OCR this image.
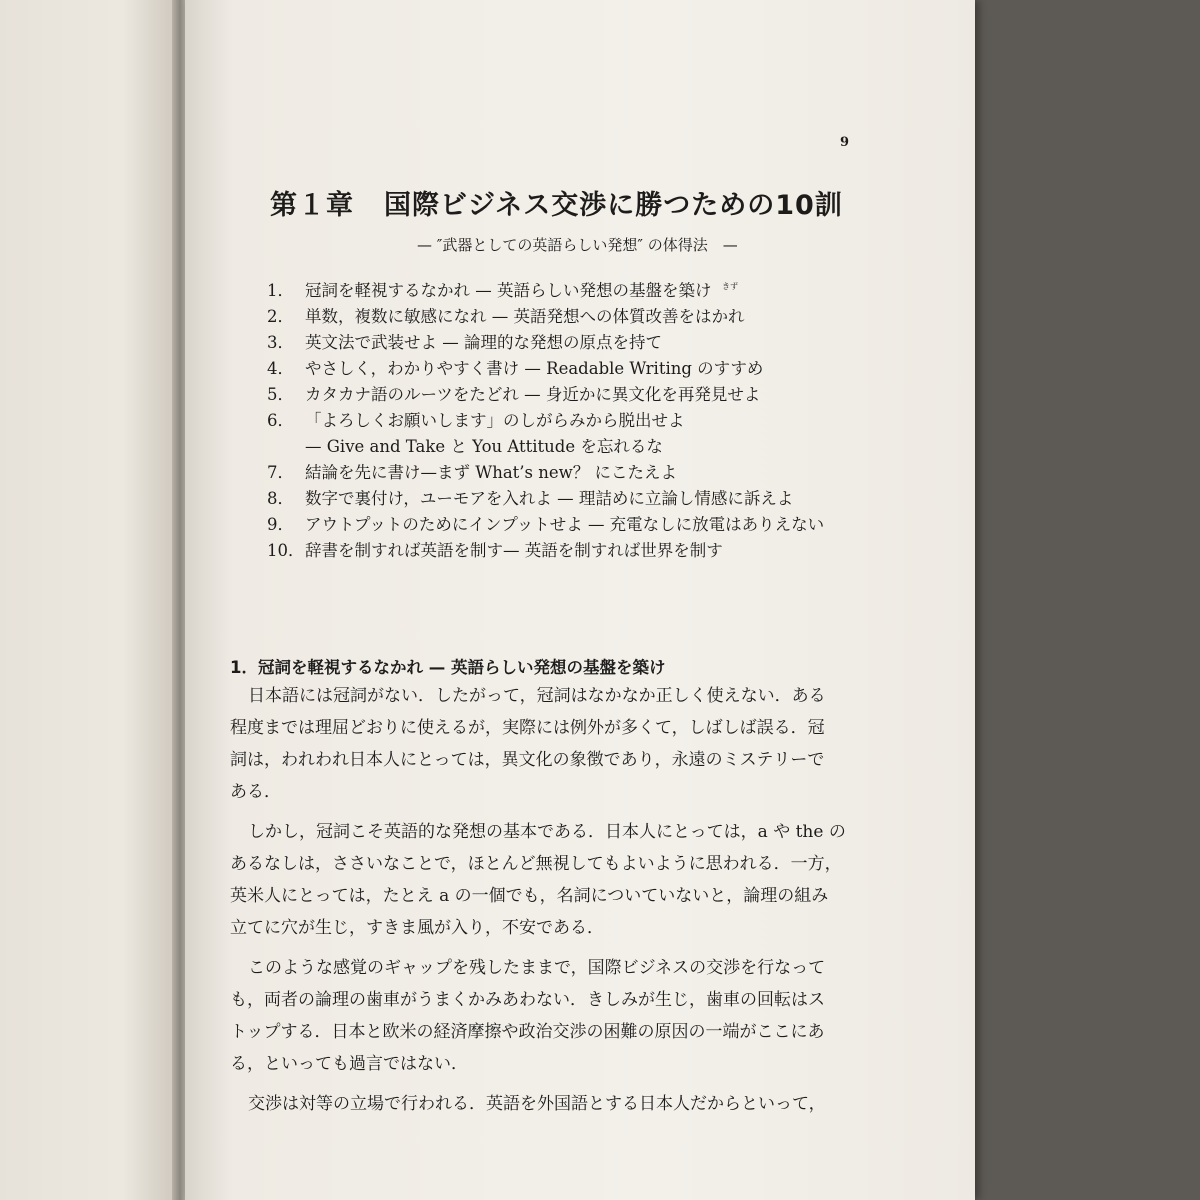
9
第１章 国際ビジネス交渉に勝つための10訓
— ″武器としての英語らしい発想″ の体得法　—
1． 冠詞を軽視するなかれ — 英語らしい発想の基盤を築け きず
2． 単数，複数に敏感になれ — 英語発想への体質改善をはかれ
3． 英文法で武装せよ — 論理的な発想の原点を持て
4． やさしく，わかりやすく書け — Readable Writing のすすめ
5． カタカナ語のルーツをたどれ — 身近かに異文化を再発見せよ
6． 「よろしくお願いします」のしがらみから脱出せよ
— Give and Take と You Attitude を忘れるな
7． 結論を先に書け—まず What’s new？ にこたえよ
8． 数字で裏付け，ユーモアを入れよ — 理詰めに立論し情感に訴えよ
9． アウトプットのためにインプットせよ — 充電なしに放電はありえない
10．辞書を制すれば英語を制す— 英語を制すれば世界を制す
1．冠詞を軽視するなかれ — 英語らしい発想の基盤を築け
日本語には冠詞がない．したがって，冠詞はなかなか正しく使えない．ある
程度までは理屈どおりに使えるが，実際には例外が多くて，しばしば誤る．冠
詞は，われわれ日本人にとっては，異文化の象徴であり，永遠のミステリーで
ある．
しかし，冠詞こそ英語的な発想の基本である．日本人にとっては，a や the の
あるなしは，ささいなことで，ほとんど無視してもよいように思われる．一方，
英米人にとっては，たとえ a の一個でも，名詞についていないと，論理の組み
立てに穴が生じ，すきま風が入り，不安である．
このような感覚のギャップを残したままで，国際ビジネスの交渉を行なって
も，両者の論理の歯車がうまくかみあわない．きしみが生じ，歯車の回転はス
トップする．日本と欧米の経済摩擦や政治交渉の困難の原因の一端がここにあ
る，といっても過言ではない．
交渉は対等の立場で行われる．英語を外国語とする日本人だからといって，
